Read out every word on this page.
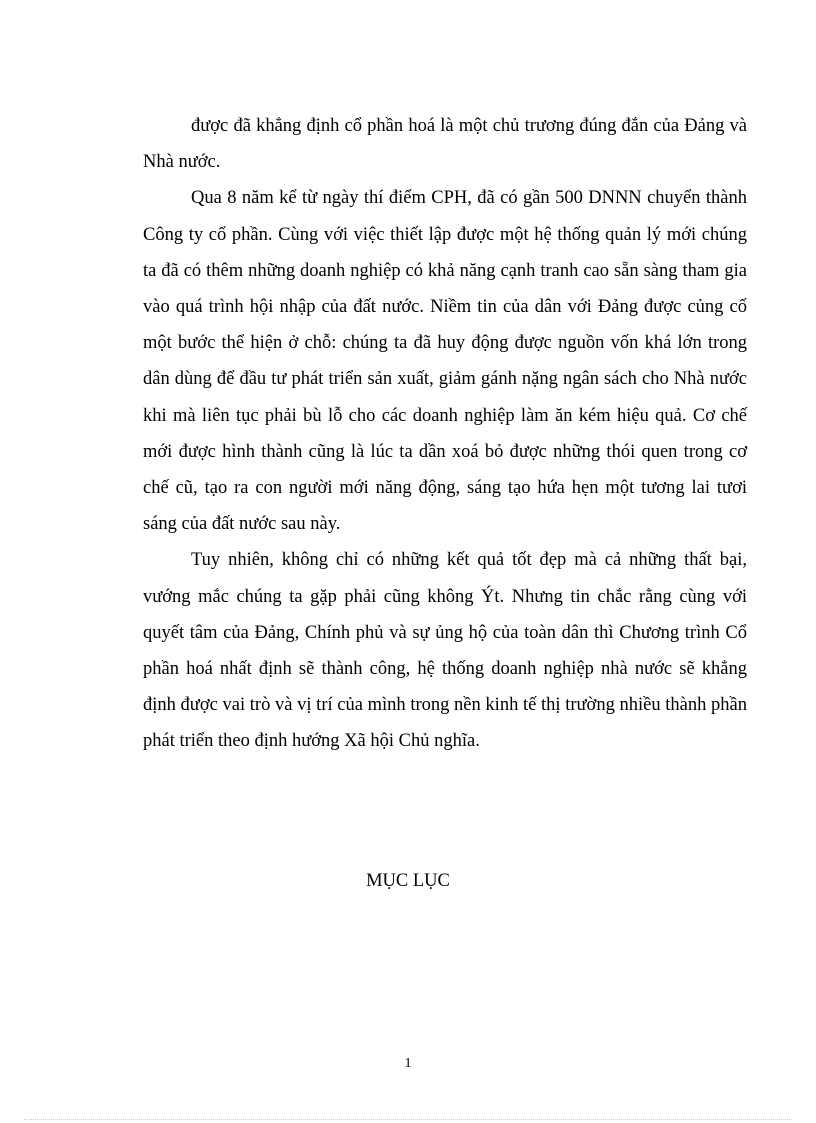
được đã khẳng định cổ phần hoá là một chủ trương đúng đắn của Đảng và Nhà nước.

Qua 8 năm kể từ ngày thí điểm CPH, đã có gần 500 DNNN chuyển thành Công ty cổ phần. Cùng với việc thiết lập được một hệ thống quản lý mới chúng ta đã có thêm những doanh nghiệp có khả năng cạnh tranh cao sẵn sàng tham gia vào quá trình hội nhập của đất nước. Niềm tin của dân với Đảng được củng cố một bước thể hiện ở chỗ: chúng ta đã huy động được nguồn vốn khá lớn trong dân dùng để đầu tư phát triển sản xuất, giảm gánh nặng ngân sách cho Nhà nước khi mà liên tục phải bù lỗ cho các doanh nghiệp làm ăn kém hiệu quả. Cơ chế mới được hình thành cũng là lúc ta dần xoá bỏ được những thói quen trong cơ chế cũ, tạo ra con người mới năng động, sáng tạo hứa hẹn một tương lai tươi sáng của đất nước sau này.

Tuy nhiên, không chỉ có những kết quả tốt đẹp mà cả những thất bại, vướng mắc chúng ta gặp phải cũng không Ýt. Nhưng tin chắc rằng cùng với quyết tâm của Đảng, Chính phủ và sự ủng hộ của toàn dân thì Chương trình Cổ phần hoá nhất định sẽ thành công, hệ thống doanh nghiệp nhà nước sẽ khẳng định được vai trò và vị trí của mình trong nền kinh tế thị trường nhiều thành phần phát triển theo định hướng Xã hội Chủ nghĩa.

MỤC LỤC
1
